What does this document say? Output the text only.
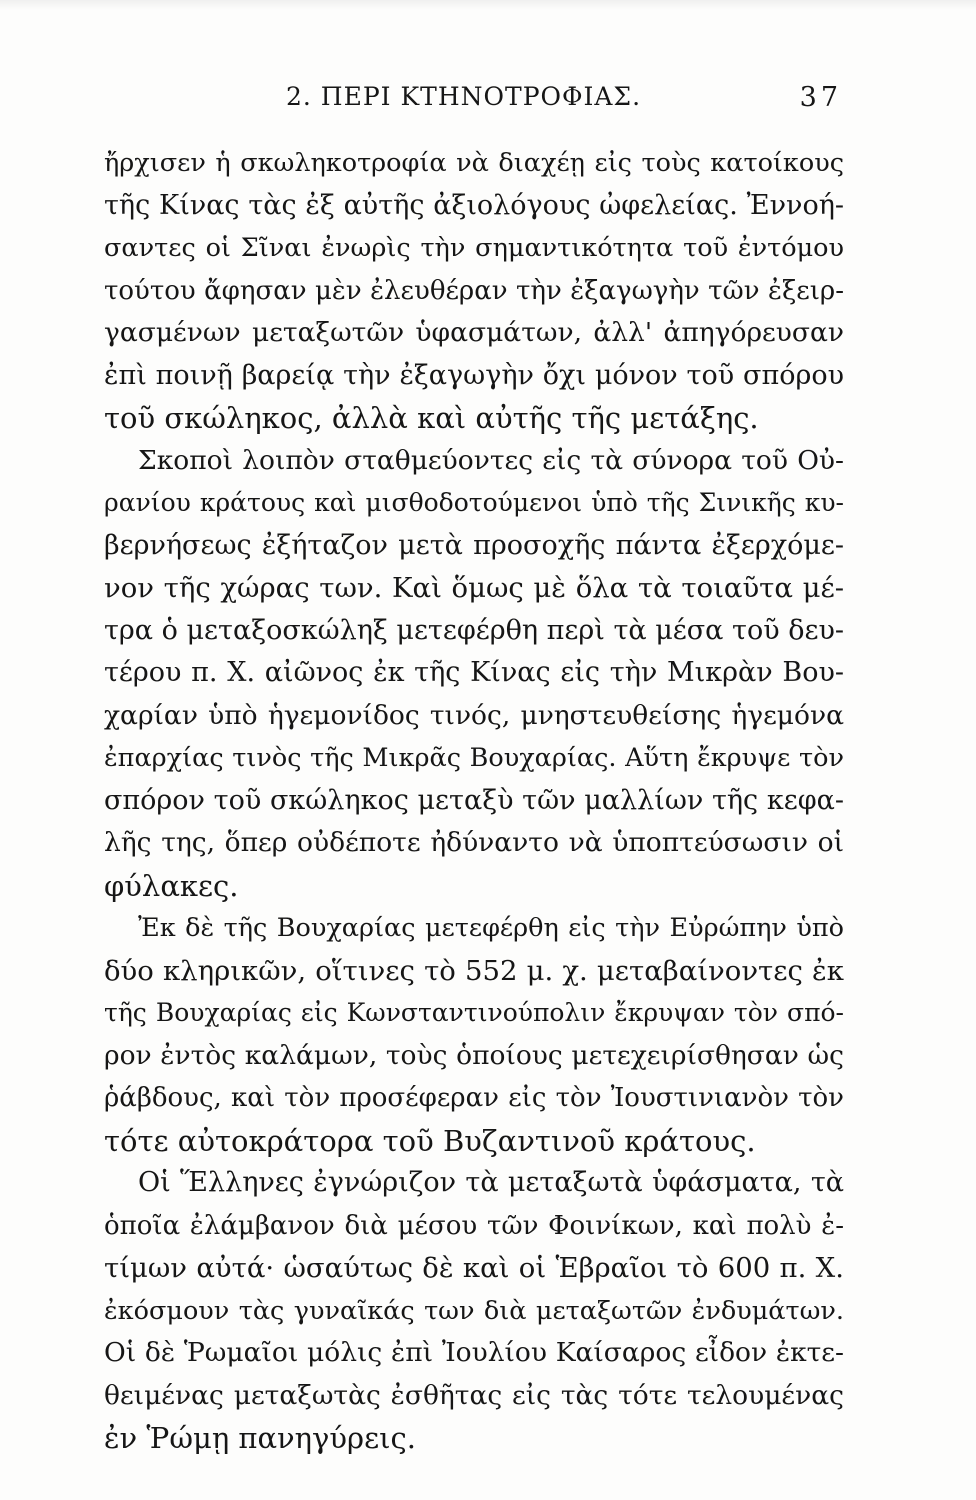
2. ΠΕΡΙ ΚΤΗΝΟΤΡΟΦΙΑΣ.	37
ἤρχισεν ἡ σκωληκοτροφία νὰ διαχέῃ εἰς τοὺς κατοίκους
τῆς Κίνας τὰς ἐξ αὐτῆς ἀξιολόγους ὠφελείας. Ἐννοή-
σαντες οἱ Σῖναι ἐνωρὶς τὴν σημαντικότητα τοῦ ἐντόμου
τούτου ἄφησαν μὲν ἐλευθέραν τὴν ἐξαγωγὴν τῶν ἐξειρ-
γασμένων μεταξωτῶν ὑφασμάτων, ἀλλ' ἀπηγόρευσαν
ἐπὶ ποινῇ βαρείᾳ τὴν ἐξαγωγὴν ὄχι μόνον τοῦ σπόρου
τοῦ σκώληκος, ἀλλὰ καὶ αὐτῆς τῆς μετάξης.
Σκοποὶ λοιπὸν σταθμεύοντες εἰς τὰ σύνορα τοῦ Οὐ-
ρανίου κράτους καὶ μισθοδοτούμενοι ὑπὸ τῆς Σινικῆς κυ-
βερνήσεως ἐξήταζον μετὰ προσοχῆς πάντα ἐξερχόμε-
νον τῆς χώρας των. Καὶ ὅμως μὲ ὅλα τὰ τοιαῦτα μέ-
τρα ὁ μεταξοσκώληξ μετεφέρθη περὶ τὰ μέσα τοῦ δευ-
τέρου π. Χ. αἰῶνος ἐκ τῆς Κίνας εἰς τὴν Μικρὰν Βου-
χαρίαν ὑπὸ ἡγεμονίδος τινός, μνηστευθείσης ἡγεμόνα
ἐπαρχίας τινὸς τῆς Μικρᾶς Βουχαρίας. Αὕτη ἔκρυψε τὸν
σπόρον τοῦ σκώληκος μεταξὺ τῶν μαλλίων τῆς κεφα-
λῆς της, ὅπερ οὐδέποτε ἠδύναντο νὰ ὑποπτεύσωσιν οἱ
φύλακες.
Ἐκ δὲ τῆς Βουχαρίας μετεφέρθη εἰς τὴν Εὐρώπην ὑπὸ
δύο κληρικῶν, οἵτινες τὸ 552 μ. χ. μεταβαίνοντες ἐκ
τῆς Βουχαρίας εἰς Κωνσταντινούπολιν ἔκρυψαν τὸν σπό-
ρον ἐντὸς καλάμων, τοὺς ὁποίους μετεχειρίσθησαν ὡς
ῥάβδους, καὶ τὸν προσέφεραν εἰς τὸν Ἰουστινιανὸν τὸν
τότε αὐτοκράτορα τοῦ Βυζαντινοῦ κράτους.
Οἱ Ἕλληνες ἐγνώριζον τὰ μεταξωτὰ ὑφάσματα, τὰ
ὁποῖα ἐλάμβανον διὰ μέσου τῶν Φοινίκων, καὶ πολὺ ἐ-
τίμων αὐτά· ὡσαύτως δὲ καὶ οἱ Ἑβραῖοι τὸ 600 π. Χ.
ἐκόσμουν τὰς γυναῖκάς των διὰ μεταξωτῶν ἐνδυμάτων.
Οἱ δὲ Ῥωμαῖοι μόλις ἐπὶ Ἰουλίου Καίσαρος εἶδον ἐκτε-
θειμένας μεταξωτὰς ἐσθῆτας εἰς τὰς τότε τελουμένας
ἐν Ῥώμῃ πανηγύρεις.
